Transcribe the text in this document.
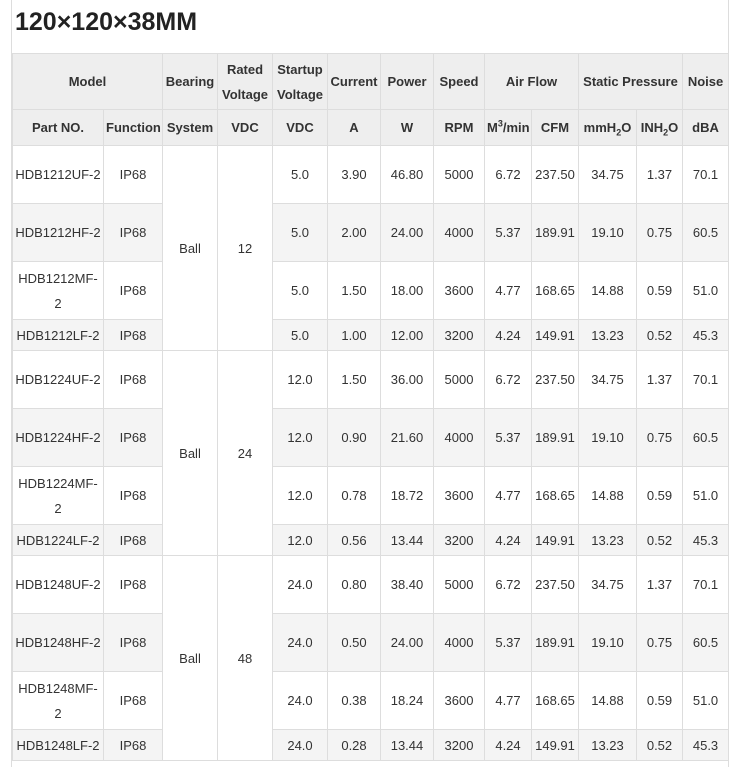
120×120×38MM
Model		Bearing	Rated Voltage	Startup Voltage	Current	Power	Speed	Air Flow		Static Pressure		Noise
Part NO.	Function	System	VDC	VDC	A	W	RPM	$M^3/\min$	CFM	mmH$_2$O	$INH_2O$	dBA
HDB1212UF-2	IP68	Ball	12	5.0	3.90	46.80	5000	6.72	237.50	34.75	1.37	70.1
HDB1212HF-2	IP68			5.0	2.00	24.00	4000	5.37	189.91	19.10	0.75	60.5
HDB1212MF-2	IP68			5.0	1.50	18.00	3600	4.77	168.65	14.88	0.59	51.0
HDB1212LF-2	IP68			5.0	1.00	12.00	3200	4.24	149.91	13.23	0.52	45.3
HDB1224UF-2	IP68	Ball	24	12.0	1.50	36.00	5000	6.72	237.50	34.75	1.37	70.1
HDB1224HF-2	IP68			12.0	0.90	21.60	4000	5.37	189.91	19.10	0.75	60.5
HDB1224MF-2	IP68			12.0	0.78	18.72	3600	4.77	168.65	14.88	0.59	51.0
HDB1224LF-2	IP68			12.0	0.56	13.44	3200	4.24	149.91	13.23	0.52	45.3
HDB1248UF-2	IP68	Ball	48	24.0	0.80	38.40	5000	6.72	237.50	34.75	1.37	70.1
HDB1248HF-2	IP68			24.0	0.50	24.00	4000	5.37	189.91	19.10	0.75	60.5
HDB1248MF-2	IP68			24.0	0.38	18.24	3600	4.77	168.65	14.88	0.59	51.0
HDB1248LF-2	IP68			24.0	0.28	13.44	3200	4.24	149.91	13.23	0.52	45.3
